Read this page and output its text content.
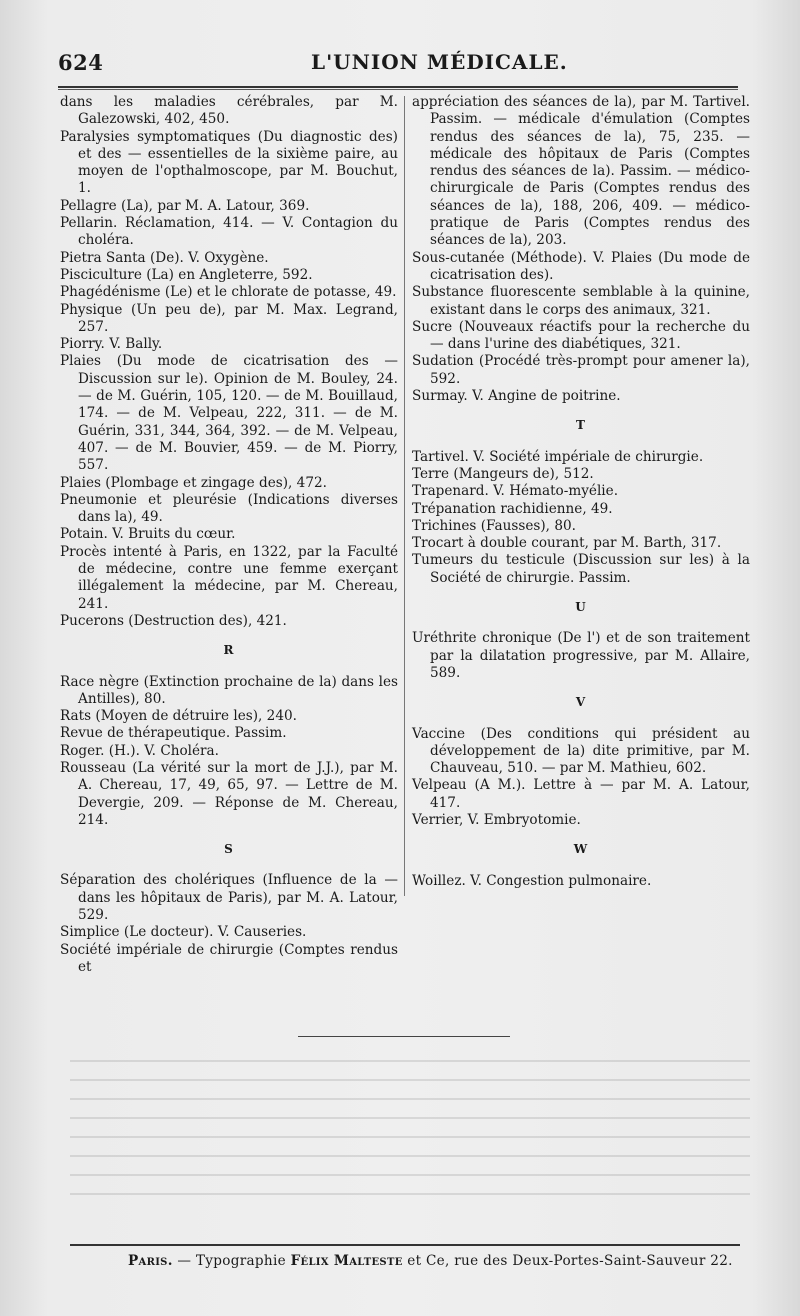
624	L'UNION MÉDICALE.

dans les maladies cérébrales, par M. Galezowski, 402, 450.

Paralysies symptomatiques (Du diagnostic des) et des — essentielles de la sixième paire, au moyen de l'opthalmoscope, par M. Bouchut, 1.

Pellagre (La), par M. A. Latour, 369.

Pellarin. Réclamation, 414. — V. Contagion du choléra.

Pietra Santa (De). V. Oxygène.

Pisciculture (La) en Angleterre, 592.

Phagédénisme (Le) et le chlorate de potasse, 49.

Physique (Un peu de), par M. Max. Legrand, 257.

Piorry. V. Bally.

Plaies (Du mode de cicatrisation des — Discussion sur le). Opinion de M. Bouley, 24. — de M. Guérin, 105, 120. — de M. Bouillaud, 174. — de M. Velpeau, 222, 311. — de M. Guérin, 331, 344, 364, 392. — de M. Velpeau, 407. — de M. Bouvier, 459. — de M. Piorry, 557.

Plaies (Plombage et zingage des), 472.

Pneumonie et pleurésie (Indications diverses dans la), 49.

Potain. V. Bruits du cœur.

Procès intenté à Paris, en 1322, par la Faculté de médecine, contre une femme exerçant illégalement la médecine, par M. Chereau, 241.

Pucerons (Destruction des), 421.

R

Race nègre (Extinction prochaine de la) dans les Antilles), 80.

Rats (Moyen de détruire les), 240.

Revue de thérapeutique. Passim.

Roger. (H.). V. Choléra.

Rousseau (La vérité sur la mort de J.J.), par M. A. Chereau, 17, 49, 65, 97. — Lettre de M. Devergie, 209. — Réponse de M. Chereau, 214.

S

Séparation des cholériques (Influence de la — dans les hôpitaux de Paris), par M. A. Latour, 529.

Simplice (Le docteur). V. Causeries.

Société impériale de chirurgie (Comptes rendus et

appréciation des séances de la), par M. Tartivel. Passim. — médicale d'émulation (Comptes rendus des séances de la), 75, 235. — médicale des hôpitaux de Paris (Comptes rendus des séances de la). Passim. — médico-chirurgicale de Paris (Comptes rendus des séances de la), 188, 206, 409. — médico-pratique de Paris (Comptes rendus des séances de la), 203.

Sous-cutanée (Méthode). V. Plaies (Du mode de cicatrisation des).

Substance fluorescente semblable à la quinine, existant dans le corps des animaux, 321.

Sucre (Nouveaux réactifs pour la recherche du — dans l'urine des diabétiques, 321.

Sudation (Procédé très-prompt pour amener la), 592.

Surmay. V. Angine de poitrine.

T

Tartivel. V. Société impériale de chirurgie.

Terre (Mangeurs de), 512.

Trapenard. V. Hémato-myélie.

Trépanation rachidienne, 49.

Trichines (Fausses), 80.

Trocart à double courant, par M. Barth, 317.

Tumeurs du testicule (Discussion sur les) à la Société de chirurgie. Passim.

U

Uréthrite chronique (De l') et de son traitement par la dilatation progressive, par M. Allaire, 589.

V

Vaccine (Des conditions qui président au développement de la) dite primitive, par M. Chauveau, 510. — par M. Mathieu, 602.

Velpeau (A M.). Lettre à — par M. A. Latour, 417.

Verrier, V. Embryotomie.

W

Woillez. V. Congestion pulmonaire.

Paris. — Typographie Félix Malteste et Ce, rue des Deux-Portes-Saint-Sauveur 22.
